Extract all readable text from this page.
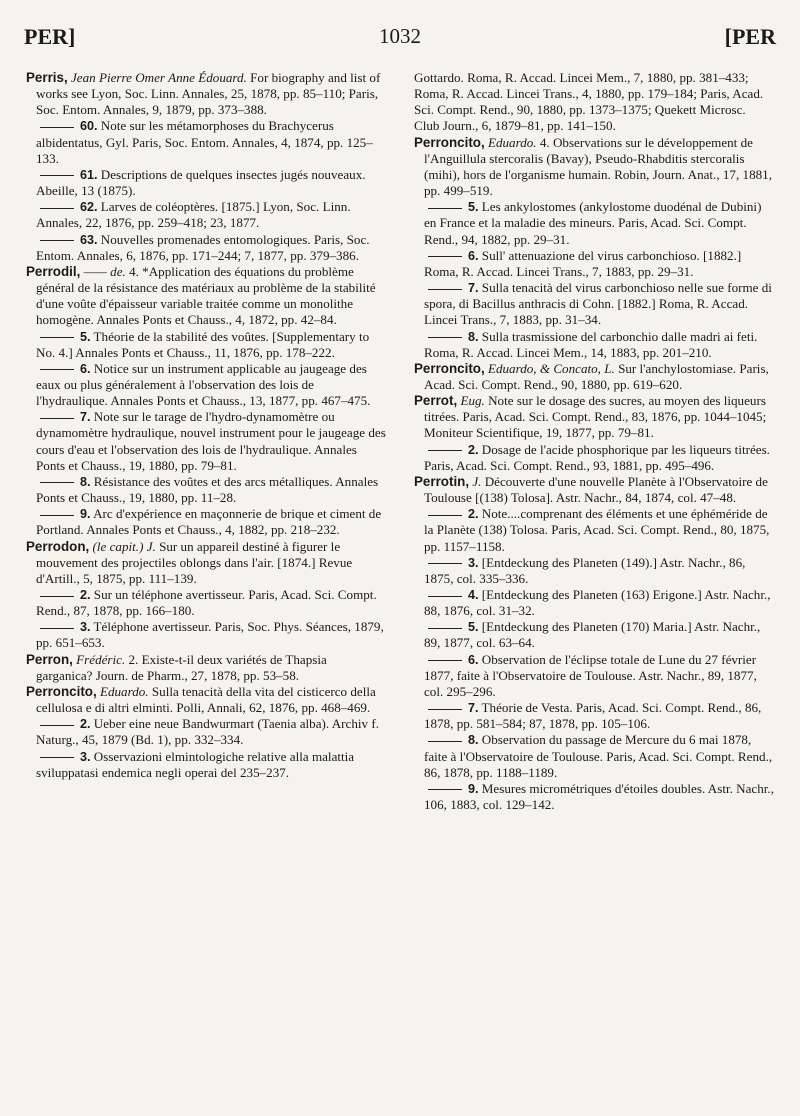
PER]	1032	[PER

Perris, Jean Pierre Omer Anne Édouard. For biography and list of works see Lyon, Soc. Linn. Annales, 25, 1878, pp. 85–110; Paris, Soc. Entom. Annales, 9, 1879, pp. 373–388.

60. Note sur les métamorphoses du Brachycerus albidentatus, Gyl. Paris, Soc. Entom. Annales, 4, 1874, pp. 125–133.

61. Descriptions de quelques insectes jugés nouveaux. Abeille, 13 (1875).

62. Larves de coléoptères. [1875.] Lyon, Soc. Linn. Annales, 22, 1876, pp. 259–418; 23, 1877.

63. Nouvelles promenades entomologiques. Paris, Soc. Entom. Annales, 6, 1876, pp. 171–244; 7, 1877, pp. 379–386.

Perrodil, —— de. 4. *Application des équations du problème général de la résistance des matériaux au problème de la stabilité d'une voûte d'épaisseur variable traitée comme un monolithe homogène. Annales Ponts et Chauss., 4, 1872, pp. 42–84.

5. Théorie de la stabilité des voûtes. [Supplementary to No. 4.] Annales Ponts et Chauss., 11, 1876, pp. 178–222.

6. Notice sur un instrument applicable au jaugeage des eaux ou plus généralement à l'observation des lois de l'hydraulique. Annales Ponts et Chauss., 13, 1877, pp. 467–475.

7. Note sur le tarage de l'hydro-dynamomètre ou dynamomètre hydraulique, nouvel instrument pour le jaugeage des cours d'eau et l'observation des lois de l'hydraulique. Annales Ponts et Chauss., 19, 1880, pp. 79–81.

8. Résistance des voûtes et des arcs métalliques. Annales Ponts et Chauss., 19, 1880, pp. 11–28.

9. Arc d'expérience en maçonnerie de brique et ciment de Portland. Annales Ponts et Chauss., 4, 1882, pp. 218–232.

Perrodon, (le capit.) J. Sur un appareil destiné à figurer le mouvement des projectiles oblongs dans l'air. [1874.] Revue d'Artill., 5, 1875, pp. 111–139.

2. Sur un téléphone avertisseur. Paris, Acad. Sci. Compt. Rend., 87, 1878, pp. 166–180.

3. Téléphone avertisseur. Paris, Soc. Phys. Séances, 1879, pp. 651–653.

Perron, Frédéric. 2. Existe-t-il deux variétés de Thapsia garganica? Journ. de Pharm., 27, 1878, pp. 53–58.

Perroncito, Eduardo. Sulla tenacità della vita del cisticerco della cellulosa e di altri elminti. Polli, Annali, 62, 1876, pp. 468–469.

2. Ueber eine neue Bandwurmart (Taenia alba). Archiv f. Naturg., 45, 1879 (Bd. 1), pp. 332–334.

3. Osservazioni elmintologiche relative alla malattia sviluppatasi endemica negli operai del 235–237.

Gottardo. Roma, R. Accad. Lincei Mem., 7, 1880, pp. 381–433; Roma, R. Accad. Lincei Trans., 4, 1880, pp. 179–184; Paris, Acad. Sci. Compt. Rend., 90, 1880, pp. 1373–1375; Quekett Microsc. Club Journ., 6, 1879–81, pp. 141–150.

Perroncito, Eduardo. 4. Observations sur le développement de l'Anguillula stercoralis (Bavay), Pseudo-Rhabditis stercoralis (mihi), hors de l'organisme humain. Robin, Journ. Anat., 17, 1881, pp. 499–519.

5. Les ankylostomes (ankylostome duodénal de Dubini) en France et la maladie des mineurs. Paris, Acad. Sci. Compt. Rend., 94, 1882, pp. 29–31.

6. Sull' attenuazione del virus carbonchioso. [1882.] Roma, R. Accad. Lincei Trans., 7, 1883, pp. 29–31.

7. Sulla tenacità del virus carbonchioso nelle sue forme di spora, di Bacillus anthracis di Cohn. [1882.] Roma, R. Accad. Lincei Trans., 7, 1883, pp. 31–34.

8. Sulla trasmissione del carbonchio dalle madri ai feti. Roma, R. Accad. Lincei Mem., 14, 1883, pp. 201–210.

Perroncito, Eduardo, & Concato, L. Sur l'anchylostomiase. Paris, Acad. Sci. Compt. Rend., 90, 1880, pp. 619–620.

Perrot, Eug. Note sur le dosage des sucres, au moyen des liqueurs titrées. Paris, Acad. Sci. Compt. Rend., 83, 1876, pp. 1044–1045; Moniteur Scientifique, 19, 1877, pp. 79–81.

2. Dosage de l'acide phosphorique par les liqueurs titrées. Paris, Acad. Sci. Compt. Rend., 93, 1881, pp. 495–496.

Perrotin, J. Découverte d'une nouvelle Planète à l'Observatoire de Toulouse [(138) Tolosa]. Astr. Nachr., 84, 1874, col. 47–48.

2. Note....comprenant des éléments et une éphéméride de la Planète (138) Tolosa. Paris, Acad. Sci. Compt. Rend., 80, 1875, pp. 1157–1158.

3. [Entdeckung des Planeten (149).] Astr. Nachr., 86, 1875, col. 335–336.

4. [Entdeckung des Planeten (163) Erigone.] Astr. Nachr., 88, 1876, col. 31–32.

5. [Entdeckung des Planeten (170) Maria.] Astr. Nachr., 89, 1877, col. 63–64.

6. Observation de l'éclipse totale de Lune du 27 février 1877, faite à l'Observatoire de Toulouse. Astr. Nachr., 89, 1877, col. 295–296.

7. Théorie de Vesta. Paris, Acad. Sci. Compt. Rend., 86, 1878, pp. 581–584; 87, 1878, pp. 105–106.

8. Observation du passage de Mercure du 6 mai 1878, faite à l'Observatoire de Toulouse. Paris, Acad. Sci. Compt. Rend., 86, 1878, pp. 1188–1189.

9. Mesures micrométriques d'étoiles doubles. Astr. Nachr., 106, 1883, col. 129–142.
